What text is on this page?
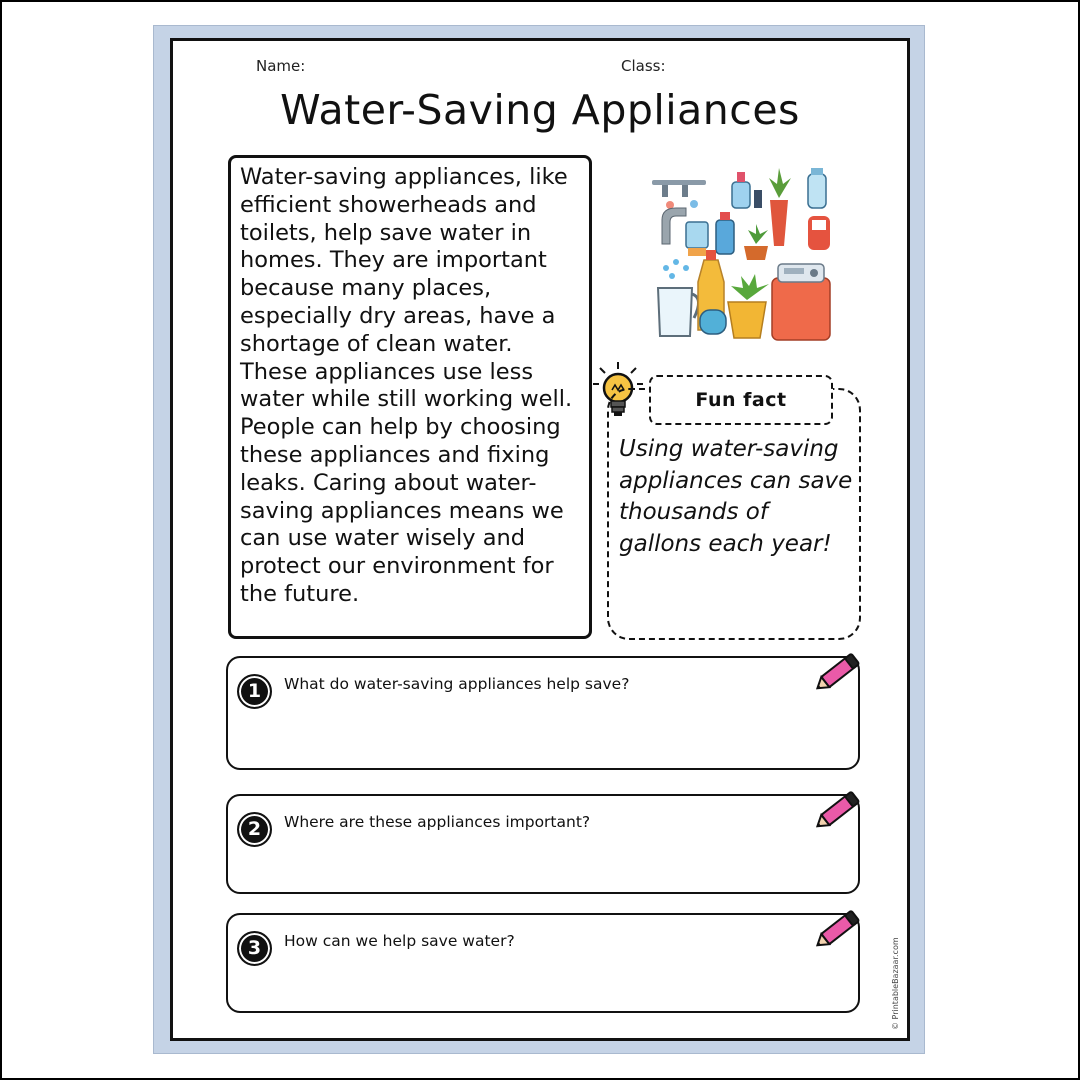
Name:	Class:
Water-Saving Appliances
Water-saving appliances, like efficient showerheads and toilets, help save water in homes. They are important because many places, especially dry areas, have a shortage of clean water. These appliances use less water while still working well. People can help by choosing these appliances and fixing leaks. Caring about water-saving appliances means we can use water wisely and protect our environment for the future.
Fun fact
Using water-saving appliances can save thousands of gallons each year!
1	What do water-saving appliances help save?
2	Where are these appliances important?
3	How can we help save water?	© PrintableBazaar.com
